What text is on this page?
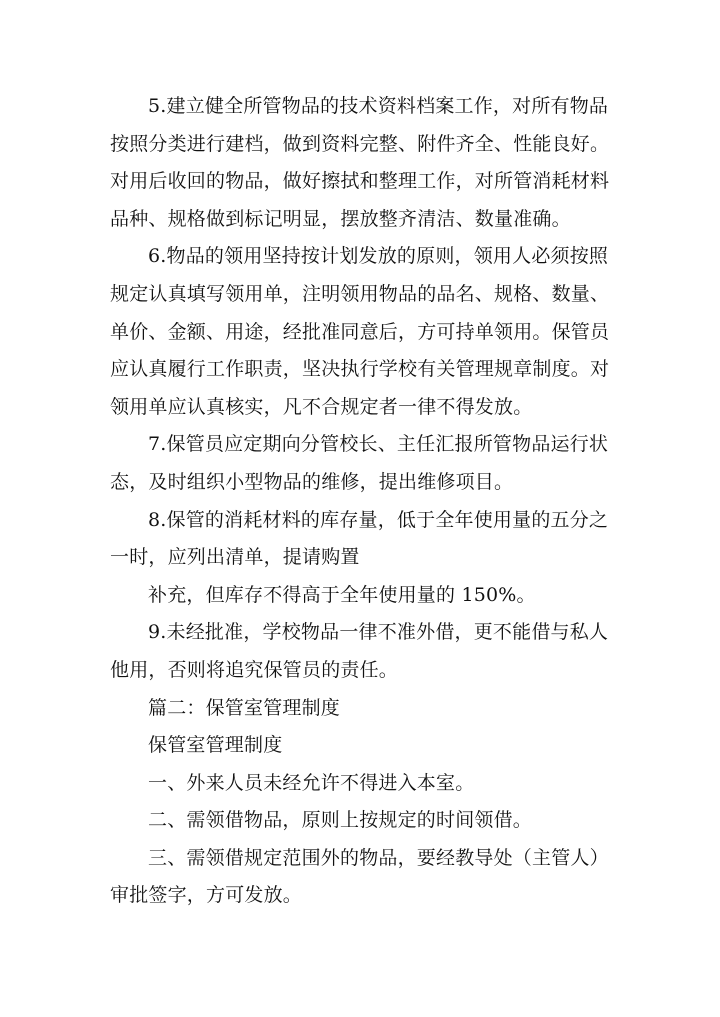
5.建立健全所管物品的技术资料档案工作，对所有物品
按照分类进行建档，做到资料完整、附件齐全、性能良好。
对用后收回的物品，做好擦拭和整理工作，对所管消耗材料
品种、规格做到标记明显，摆放整齐清洁、数量准确。

6.物品的领用坚持按计划发放的原则，领用人必须按照
规定认真填写领用单，注明领用物品的品名、规格、数量、
单价、金额、用途，经批准同意后，方可持单领用。保管员
应认真履行工作职责，坚决执行学校有关管理规章制度。对
领用单应认真核实，凡不合规定者一律不得发放。

7.保管员应定期向分管校长、主任汇报所管物品运行状
态，及时组织小型物品的维修，提出维修项目。

8.保管的消耗材料的库存量，低于全年使用量的五分之
一时，应列出清单，提请购置

补充，但库存不得高于全年使用量的 150%。

9.未经批准，学校物品一律不准外借，更不能借与私人
他用，否则将追究保管员的责任。

篇二：保管室管理制度

保管室管理制度

一、外来人员未经允许不得进入本室。

二、需领借物品，原则上按规定的时间领借。

三、需领借规定范围外的物品，要经教导处（主管人）
审批签字，方可发放。
